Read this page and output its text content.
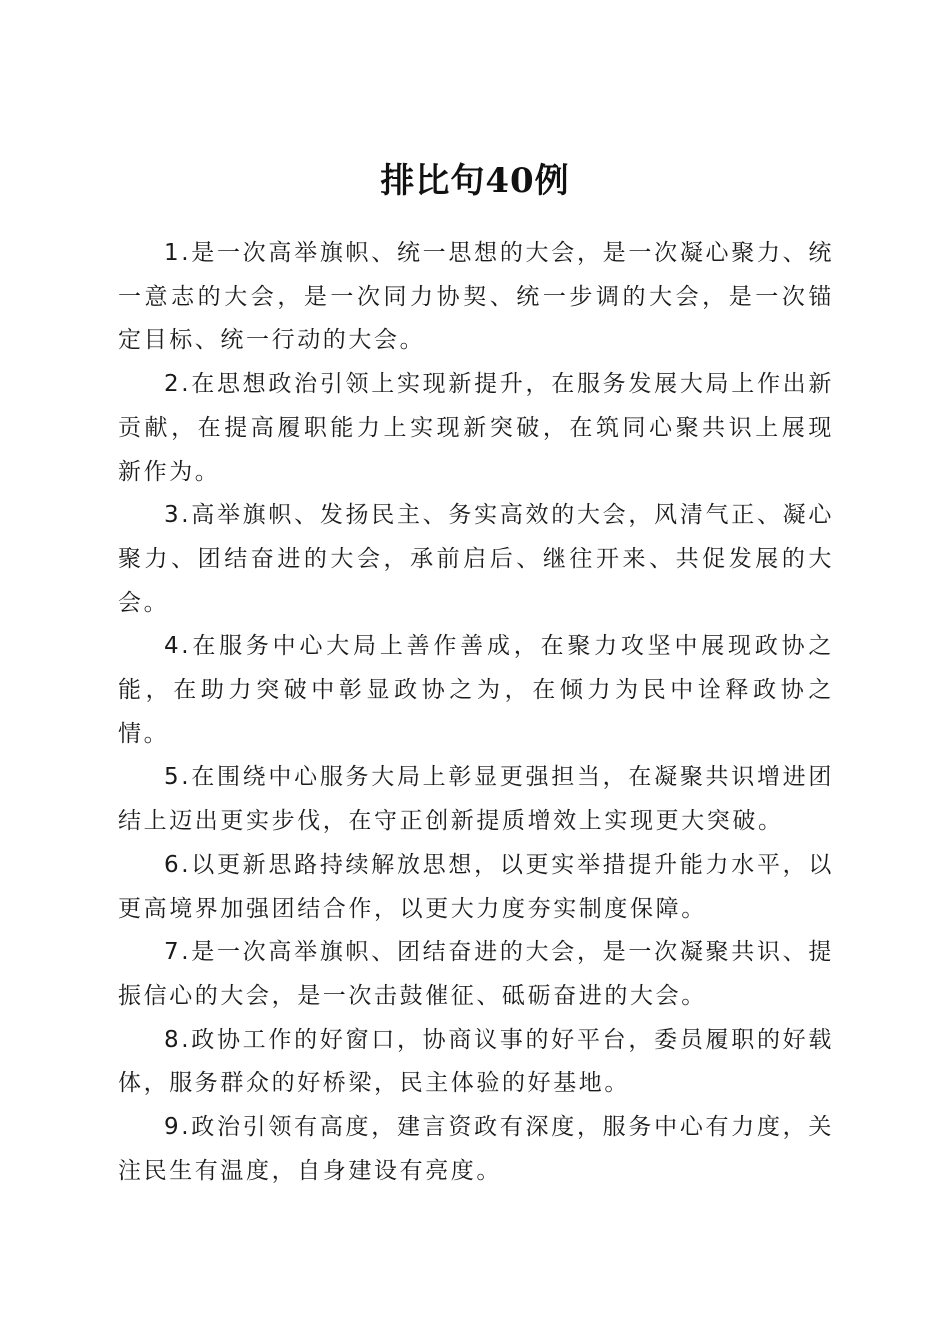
排比句40例

1.是一次高举旗帜、统一思想的大会，是一次凝心聚力、统一意志的大会，是一次同力协契、统一步调的大会，是一次锚定目标、统一行动的大会。

2.在思想政治引领上实现新提升，在服务发展大局上作出新贡献，在提高履职能力上实现新突破，在筑同心聚共识上展现新作为。

3.高举旗帜、发扬民主、务实高效的大会，风清气正、凝心聚力、团结奋进的大会，承前启后、继往开来、共促发展的大会。

4.在服务中心大局上善作善成，在聚力攻坚中展现政协之能，在助力突破中彰显政协之为，在倾力为民中诠释政协之情。

5.在围绕中心服务大局上彰显更强担当，在凝聚共识增进团结上迈出更实步伐，在守正创新提质增效上实现更大突破。

6.以更新思路持续解放思想，以更实举措提升能力水平，以更高境界加强团结合作，以更大力度夯实制度保障。

7.是一次高举旗帜、团结奋进的大会，是一次凝聚共识、提振信心的大会，是一次击鼓催征、砥砺奋进的大会。

8.政协工作的好窗口，协商议事的好平台，委员履职的好载体，服务群众的好桥梁，民主体验的好基地。

9.政治引领有高度，建言资政有深度，服务中心有力度，关注民生有温度，自身建设有亮度。
